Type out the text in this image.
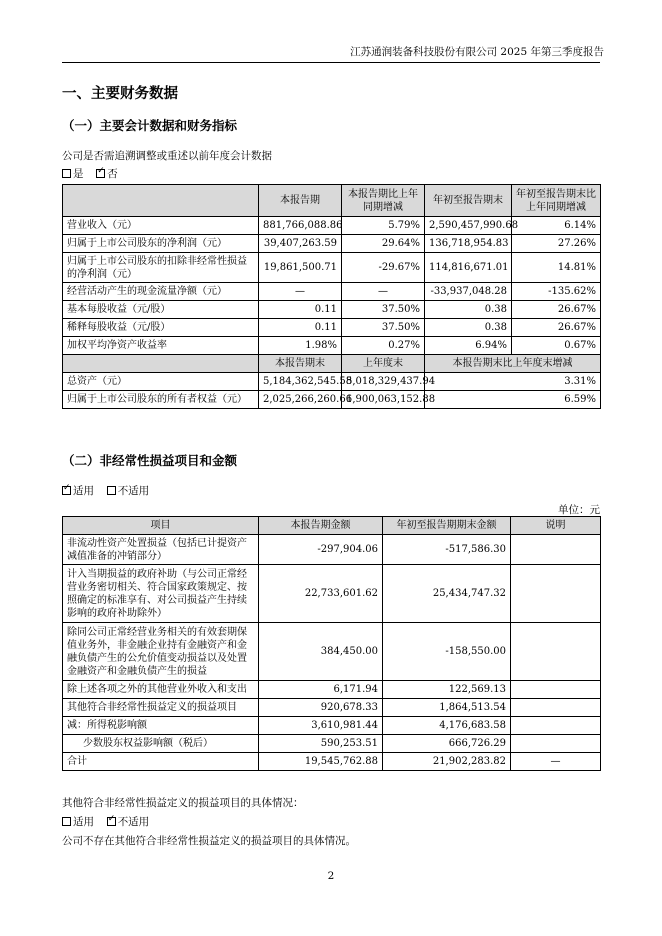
江苏通润装备科技股份有限公司 2025 年第三季度报告
一、主要财务数据
（一）主要会计数据和财务指标
公司是否需追溯调整或重述以前年度会计数据
是 ✓ 否
	本报告期	本报告期比上年同期增减	年初至报告期末	年初至报告期末比上年同期增减
营业收入（元）	881,766,088.86	5.79%	2,590,457,990.68	6.14%
归属于上市公司股东的净利润（元）	39,407,263.59	29.64%	136,718,954.83	27.26%
归属于上市公司股东的扣除非经常性损益的净利润（元）	19,861,500.71	-29.67%	114,816,671.01	14.81%
经营活动产生的现金流量净额（元）	—	—	-33,937,048.28	-135.62%
基本每股收益（元/股）	0.11	37.50%	0.38	26.67%
稀释每股收益（元/股）	0.11	37.50%	0.38	26.67%
加权平均净资产收益率	1.98%	0.27%	6.94%	0.67%
	本报告期末	上年度末	本报告期末比上年度末增减	
总资产（元）	5,184,362,545.58	5,018,329,437.94	3.31%	
归属于上市公司股东的所有者权益（元）	2,025,266,260.66	1,900,063,152.88	6.59%	
（二）非经常性损益项目和金额
✓适用 不适用
单位：元
项目	本报告期金额	年初至报告期期末金额	说明
非流动性资产处置损益（包括已计提资产减值准备的冲销部分）	-297,904.06	-517,586.30	
计入当期损益的政府补助（与公司正常经营业务密切相关、符合国家政策规定、按照确定的标准享有、对公司损益产生持续影响的政府补助除外）	22,733,601.62	25,434,747.32	
除同公司正常经营业务相关的有效套期保值业务外，非金融企业持有金融资产和金融负债产生的公允价值变动损益以及处置金融资产和金融负债产生的损益	384,450.00	-158,550.00	
除上述各项之外的其他营业外收入和支出	6,171.94	122,569.13	
其他符合非经常性损益定义的损益项目	920,678.33	1,864,513.54	
减：所得税影响额	3,610,981.44	4,176,683.58	
少数股东权益影响额（税后）	590,253.51	666,726.29	
合计	19,545,762.88	21,902,283.82	—
其他符合非经常性损益定义的损益项目的具体情况：
适用 ✓ 不适用
公司不存在其他符合非经常性损益定义的损益项目的具体情况。
2
